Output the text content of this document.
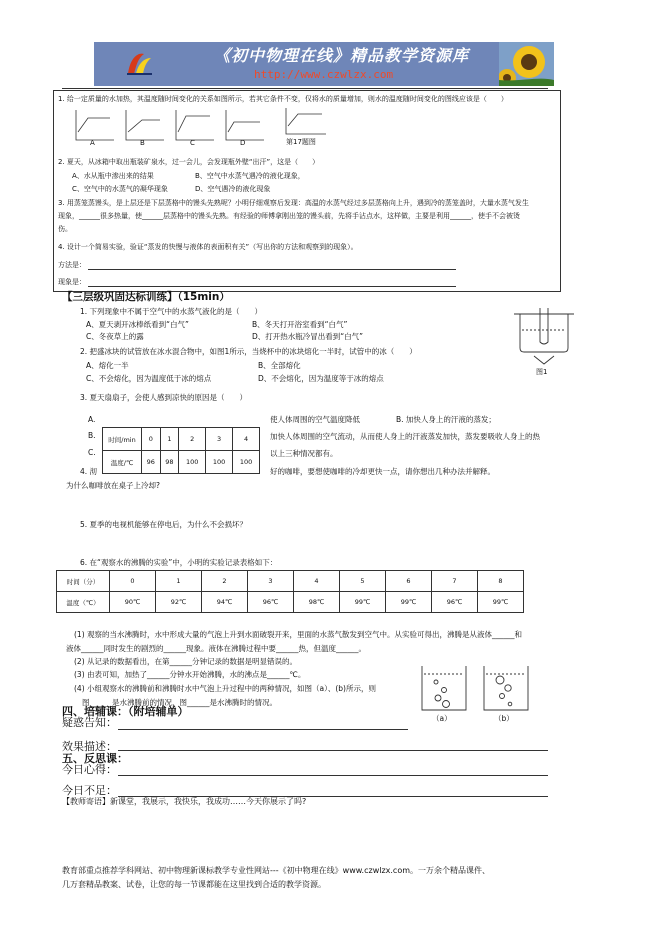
《初中物理在线》精品教学资源库
http://www.czwlzx.com
1. 给一定质量的水加热，其温度随时间变化的关系如图所示，若其它条件不变，仅将水的质量增加，则水的温度随时间变化的图线应该是（　　）
A	B	C	D	第17题图
2. 夏天，从冰箱中取出瓶装矿泉水，过一会儿，会发现瓶外壁“出汗”，这是（　　）
A、水从瓶中渗出来的结果	B、空气中水蒸气遇冷的液化现象，
C、空气中的水蒸气的凝华现象	D、空气遇冷的液化现象
3. 用蒸笼蒸馒头，是上层还是下层蒸格中的馒头先熟呢？小明仔细观察后发现：高温的水蒸气经过多层蒸格向上升，遇到冷的蒸笼盖时，大量水蒸气发生
现象，______很多热量，使______层蒸格中的馒头先熟。有经验的师傅拿刚出笼的馒头前，先将手沾点水，这样做，主要是利用______，使手不会被烫
伤。
4. 设计一个简易实验，验证“蒸发的快慢与液体的表面积有关”（写出你的方法和观察到的现象）。
方法是：
现象是：
【三层级巩固达标训练】（15min）
1. 下列现象中不属于空气中的水蒸气液化的是（　　）
A、夏天剥开冰棒纸看到“白气”	B、冬天打开浴室看到“白气”
C、冬夜草上的露	D、打开热水瓶冷冒出看到“白气”
图1
2. 把盛冰块的试管放在冰水混合物中，如图1所示，当烧杯中的冰块熔化一半时，试管中的冰（　　）
A、熔化一半	B、全部熔化
C、不会熔化，因为温度低于冰的熔点	D、不会熔化，因为温度等于冰的熔点
3. 夏天扇扇子，会使人感到凉快的原因是（　　）
A.
B.
C.
使人体周围的空气温度降低	B. 加快人身上的汗液的蒸发；
加快人体周围的空气流动，从而使人身上的汗液蒸发加快，蒸发要吸收人身上的热
以上三种情况都有。
时间/min	0	1	2	3	4
温度/℃	96	98	100	100	100
4. 沏	好的咖啡，要想使咖啡的冷却更快一点，请你想出几种办法并解释。
为什么咖啡放在桌子上冷却?
5. 夏季的电视机能够在停电后，为什么不会损坏？
6. 在“观察水的沸腾的实验”中，小明的实验记录表格如下：
时间（分）	0	1	2	3	4	5	6	7	8
温度（℃）	90℃	92℃	94℃	96℃	98℃	99℃	99℃	96℃	99℃
(1) 观察的当水沸腾时，水中形成大量的气泡上升到水面破裂开来，里面的水蒸气散发到空气中。从实验可得出，沸腾是从液体______和
液体______同时发生的剧烈的______现象。液体在沸腾过程中要______热，但温度______。
(2) 从记录的数据看出，在第______分钟记录的数据是明显错误的。
(3) 由表可知，加热了______分钟水开始沸腾，水的沸点是______℃。
(4) 小组观察水的沸腾前和沸腾时水中气泡上升过程中的两种情况，如图（a）、(b)所示，则
图______是水沸腾前的情况，图______是水沸腾时的情况。
（a）	（b）
四、培辅课：（附培辅单）
疑惑告知：
效果描述：
五、反思课：
今日心得：
今日不足：
【教师寄语】新课堂，我展示，我快乐，我成功……今天你展示了吗?
教育部重点推荐学科网站、初中物理新课标教学专业性网站---《初中物理在线》www.czwlzx.com。一万余个精品课件、
几万套精品教案、试卷，让您的每一节课都能在这里找到合适的教学资源。
